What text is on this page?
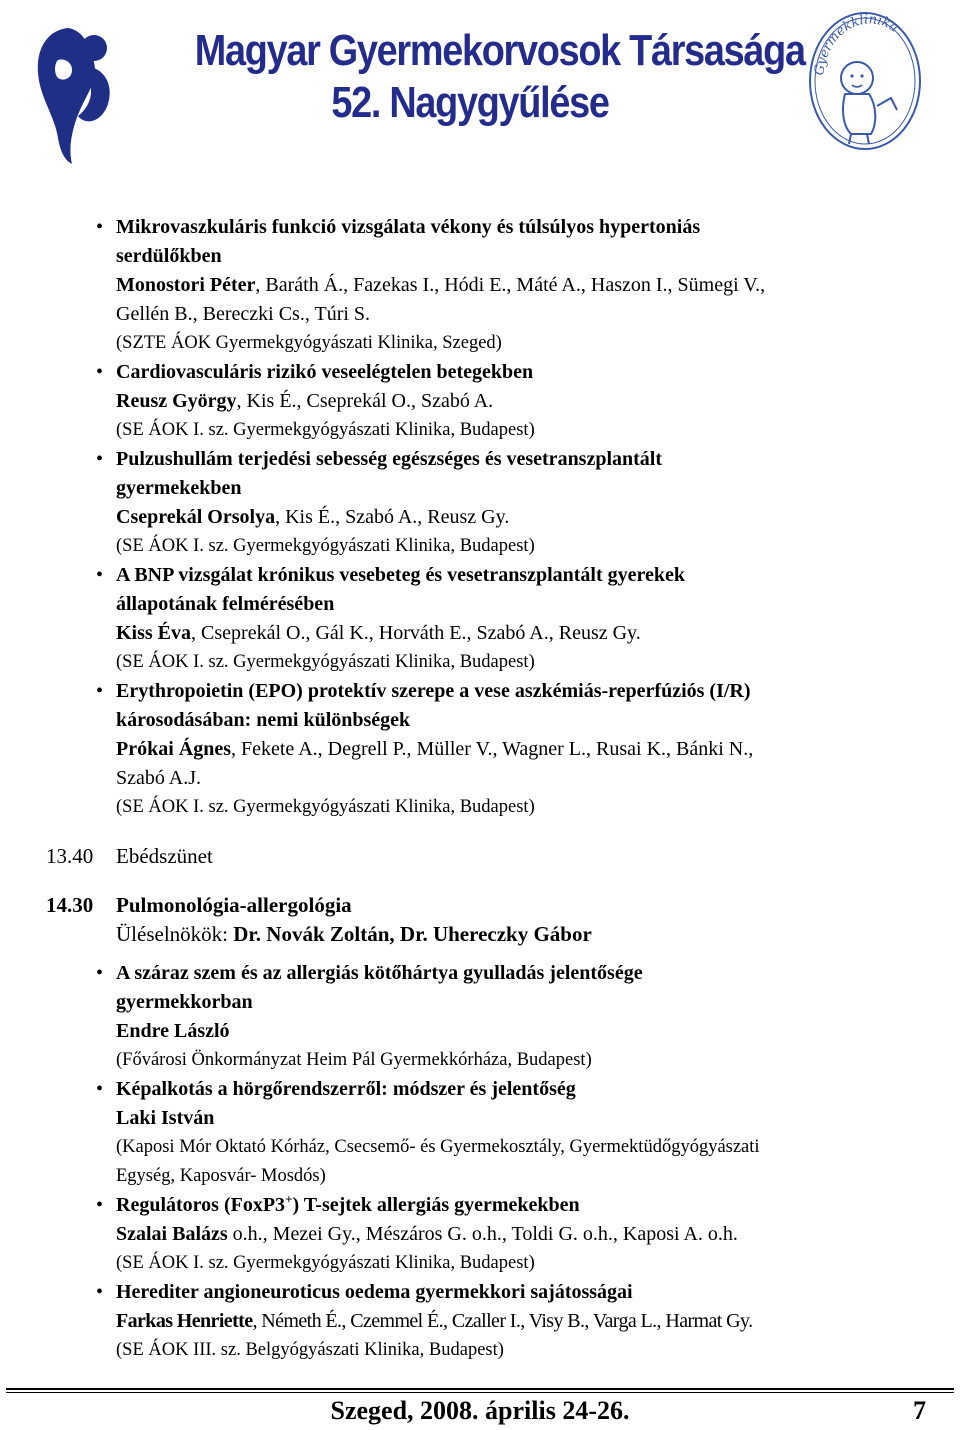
Magyar Gyermekorvosok Társasága
52. Nagygyűlése
Gyermekklinika
• Mikrovaszkuláris funkció vizsgálata vékony és túlsúlyos hypertoniás
serdülőkben
Monostori Péter, Baráth Á., Fazekas I., Hódi E., Máté A., Haszon I., Sümegi V.,
Gellén B., Bereczki Cs., Túri S.
(SZTE ÁOK Gyermekgyógyászati Klinika, Szeged)
• Cardiovasculáris rizikó veseelégtelen betegekben
Reusz György, Kis É., Cseprekál O., Szabó A.
(SE ÁOK I. sz. Gyermekgyógyászati Klinika, Budapest)
• Pulzushullám terjedési sebesség egészséges és vesetranszplantált
gyermekekben
Cseprekál Orsolya, Kis É., Szabó A., Reusz Gy.
(SE ÁOK I. sz. Gyermekgyógyászati Klinika, Budapest)
• A BNP vizsgálat krónikus vesebeteg és vesetranszplantált gyerekek
állapotának felmérésében
Kiss Éva, Cseprekál O., Gál K., Horváth E., Szabó A., Reusz Gy.
(SE ÁOK I. sz. Gyermekgyógyászati Klinika, Budapest)
• Erythropoietin (EPO) protektív szerepe a vese aszkémiás-reperfúziós (I/R)
károsodásában: nemi különbségek
Prókai Ágnes, Fekete A., Degrell P., Müller V., Wagner L., Rusai K., Bánki N.,
Szabó A.J.
(SE ÁOK I. sz. Gyermekgyógyászati Klinika, Budapest)
13.40	Ebédszünet
14.30	Pulmonológia-allergológia
Üléselnökök: Dr. Novák Zoltán, Dr. Uhereczky Gábor
• A száraz szem és az allergiás kötőhártya gyulladás jelentősége
gyermekkorban
Endre László
(Fővárosi Önkormányzat Heim Pál Gyermekkórháza, Budapest)
• Képalkotás a hörgőrendszerről: módszer és jelentőség
Laki István
(Kaposi Mór Oktató Kórház, Csecsemő- és Gyermekosztály, Gyermektüdőgyógyászati
Egység, Kaposvár- Mosdós)
• Regulátoros (FoxP3+) T-sejtek allergiás gyermekekben
Szalai Balázs o.h., Mezei Gy., Mészáros G. o.h., Toldi G. o.h., Kaposi A. o.h.
(SE ÁOK I. sz. Gyermekgyógyászati Klinika, Budapest)
• Herediter angioneuroticus oedema gyermekkori sajátosságai
Farkas Henriette, Németh É., Czemmel É., Czaller I., Visy B., Varga L., Harmat Gy.
(SE ÁOK III. sz. Belgyógyászati Klinika, Budapest)
Szeged, 2008. április 24-26.	7
